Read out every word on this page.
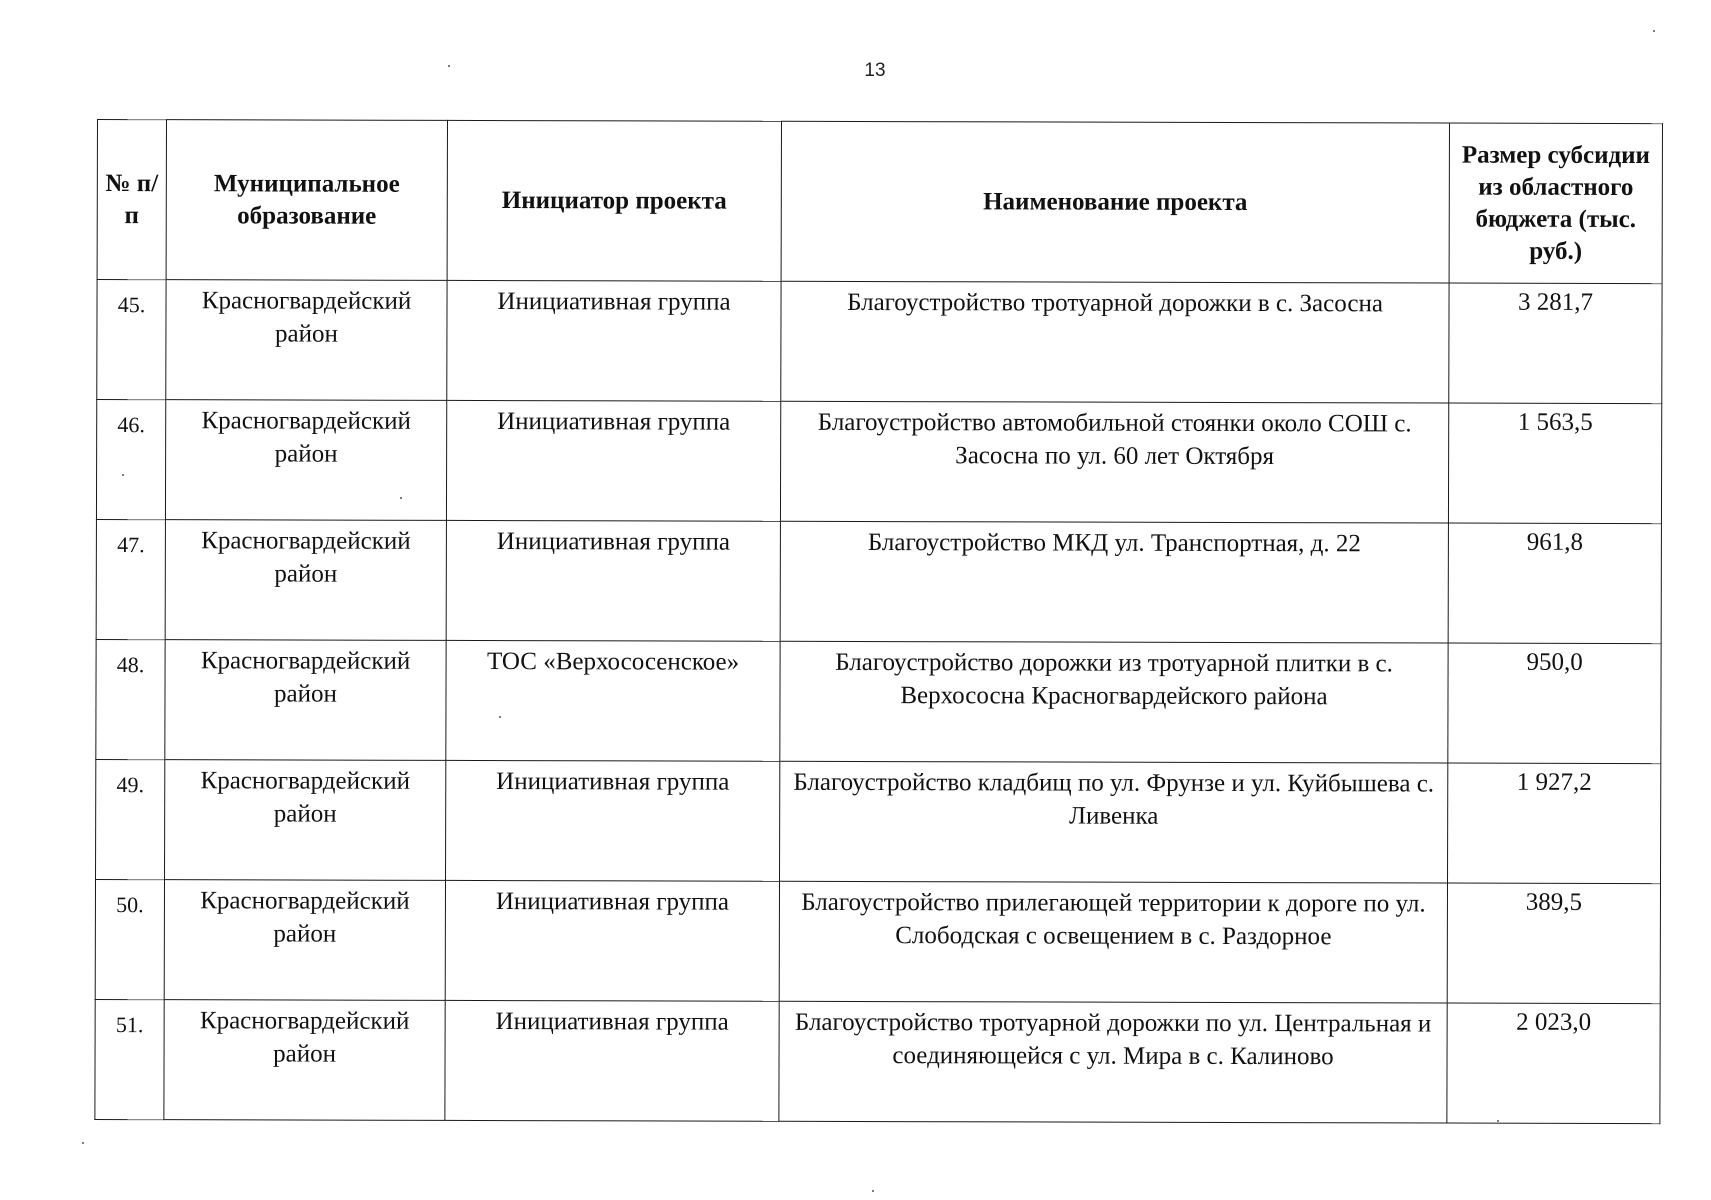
13
№ п/п	Муниципальное образование	Инициатор проекта	Наименование проекта	Размер субсидии из областного бюджета (тыс. руб.)
45.	Красногвардейский район	Инициативная группа	Благоустройство тротуарной дорожки в с. Засосна	3 281,7
46.	Красногвардейский район	Инициативная группа	Благоустройство автомобильной стоянки около СОШ с. Засосна по ул. 60 лет Октября	1 563,5
47.	Красногвардейский район	Инициативная группа	Благоустройство МКД ул. Транспортная, д. 22	961,8
48.	Красногвардейский район	ТОС «Верхососенское»	Благоустройство дорожки из тротуарной плитки в с. Верхососна Красногвардейского района	950,0
49.	Красногвардейский район	Инициативная группа	Благоустройство кладбищ по ул. Фрунзе и ул. Куйбышева с. Ливенка	1 927,2
50.	Красногвардейский район	Инициативная группа	Благоустройство прилегающей территории к дороге по ул. Слободская с освещением в с. Раздорное	389,5
51.	Красногвардейский район	Инициативная группа	Благоустройство тротуарной дорожки по ул. Центральная и соединяющейся с ул. Мира в с. Калиново	2 023,0
